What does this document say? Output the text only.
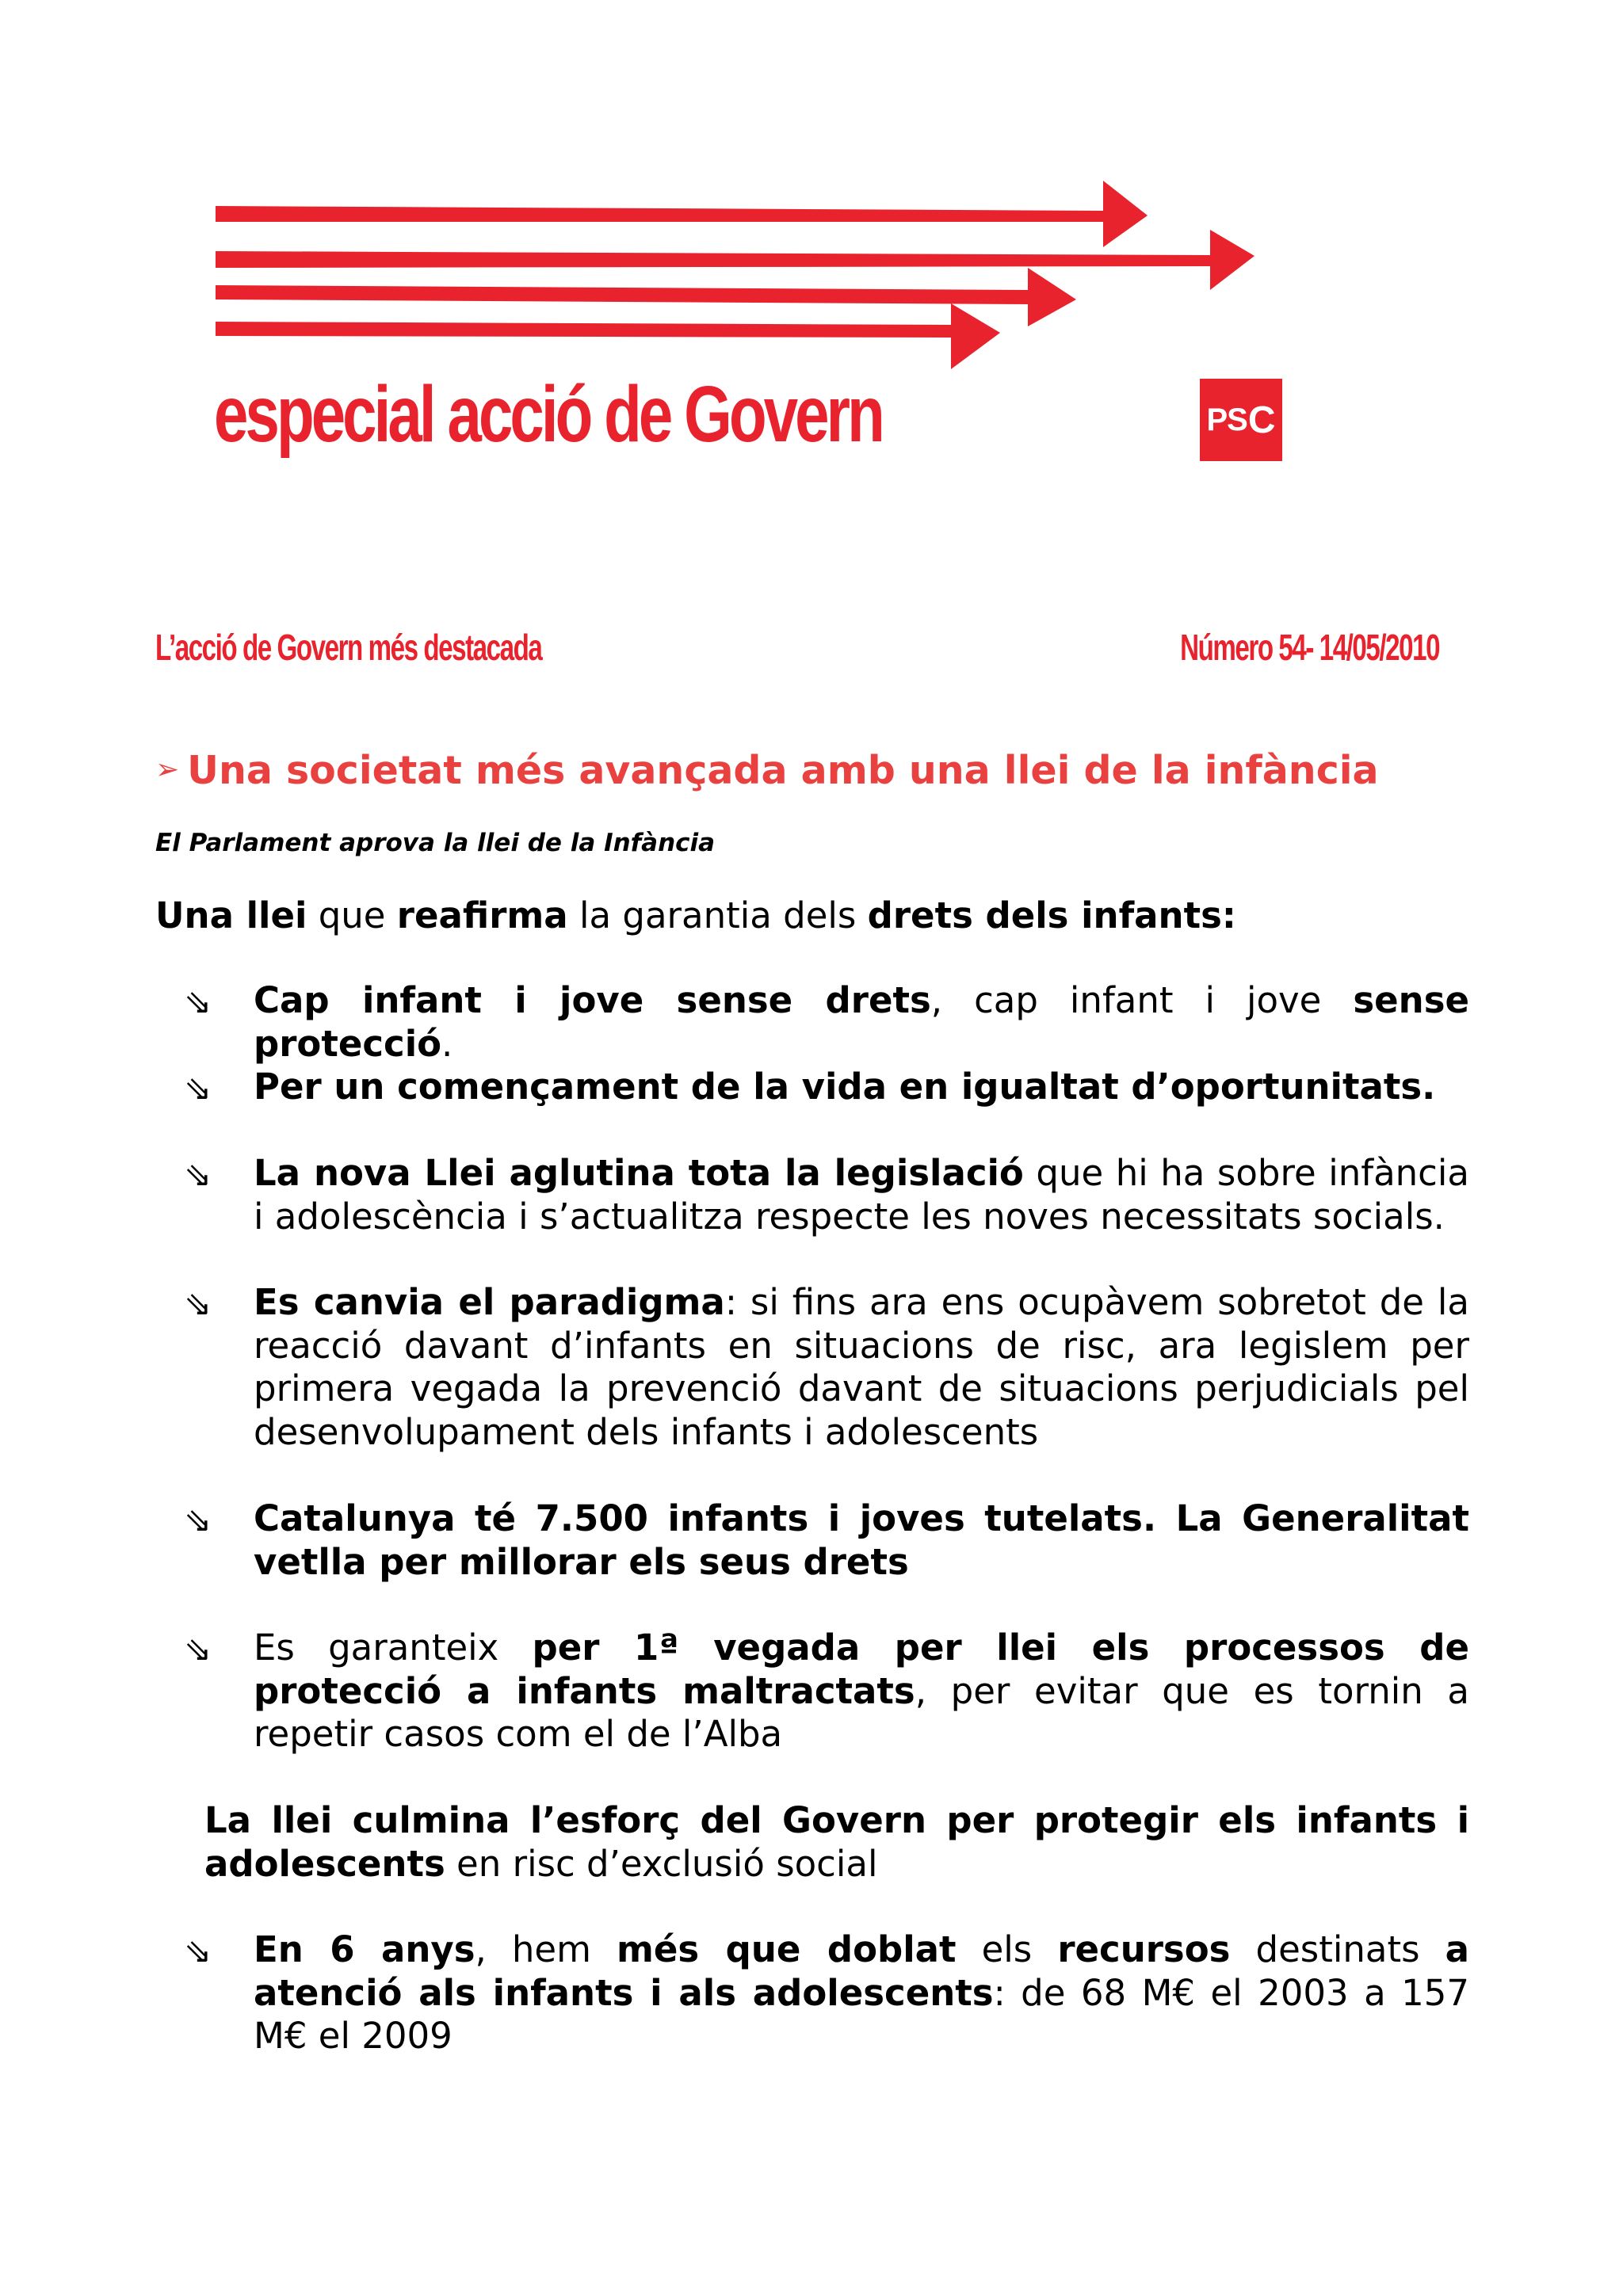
especial acció de Govern	PS C
L’acció de Govern més destacada	Número 54- 14/05/2010
➢ Una societat més avançada amb una llei de la infància
El Parlament aprova la llei de la Infància
Una llei que reafirma la garantia dels drets dels infants:
⇘ Cap infant i jove sense drets, cap infant i jove sense protecció.
⇘ Per un començament de la vida en igualtat d’oportunitats.
⇘ La nova Llei aglutina tota la legislació que hi ha sobre infància i adolescència i s’actualitza respecte les noves necessitats socials.
⇘ Es canvia el paradigma: si fins ara ens ocupàvem sobretot de la reacció davant d’infants en situacions de risc, ara legislem per primera vegada la prevenció davant de situacions perjudicials pel desenvolupament dels infants i adolescents
⇘ Catalunya té 7.500 infants i joves tutelats. La Generalitat vetlla per millorar els seus drets
⇘ Es garanteix per 1ª vegada per llei els processos de protecció a infants maltractats, per evitar que es tornin a repetir casos com el de l’Alba
La llei culmina l’esforç del Govern per protegir els infants i adolescents en risc d’exclusió social
⇘ En 6 anys, hem més que doblat els recursos destinats a atenció als infants i als adolescents: de 68 M€ el 2003 a 157 M€ el 2009
